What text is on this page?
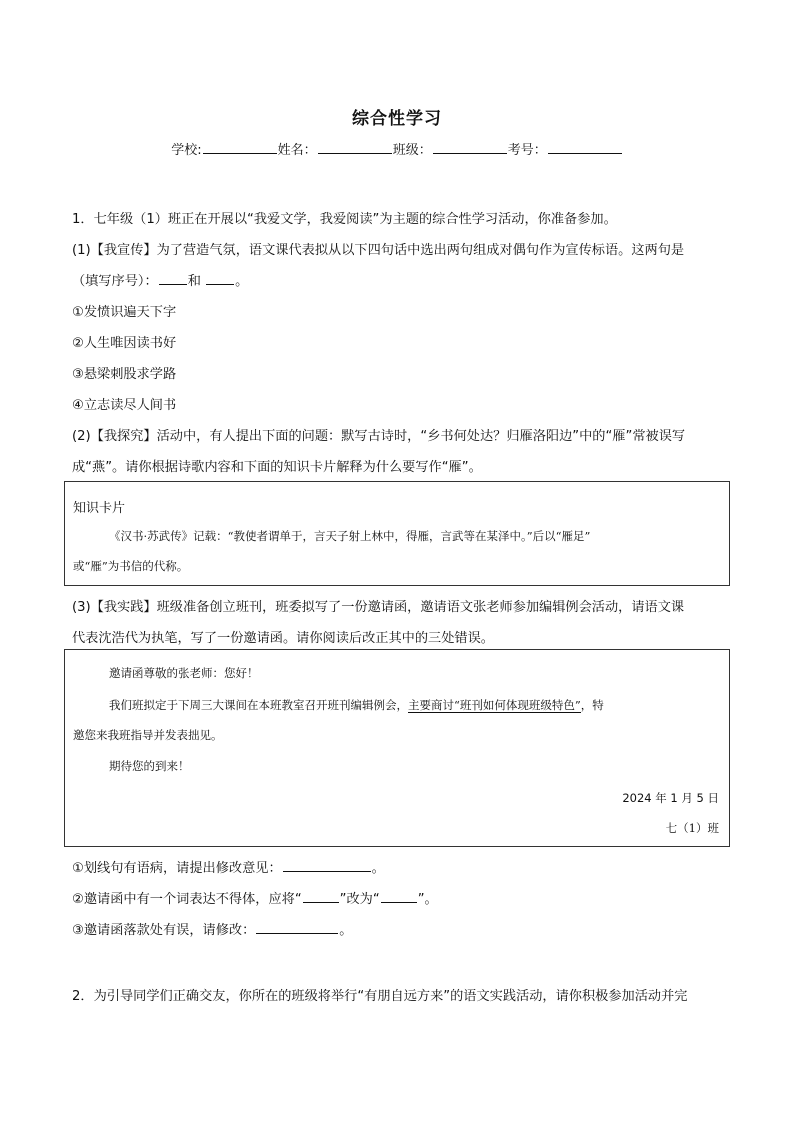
综合性学习
学校:	姓名：	班级：	考号：
1．七年级（1）班正在开展以“我爱文学，我爱阅读”为主题的综合性学习活动，你准备参加。
(1)【我宣传】为了营造气氛，语文课代表拟从以下四句话中选出两句组成对偶句作为宣传标语。这两句是
（填写序号）： 和	。
①发愤识遍天下字
②人生唯因读书好
③悬梁刺股求学路
④立志读尽人间书
(2)【我探究】活动中，有人提出下面的问题：默写古诗时，“乡书何处达？归雁洛阳边”中的“雁”常被误写
成“燕”。请你根据诗歌内容和下面的知识卡片解释为什么要写作“雁”。
知识卡片
《汉书·苏武传》记载：“教使者谓单于，言天子射上林中，得雁，言武等在某泽中。”后以“雁足”
或“雁”为书信的代称。
(3)【我实践】班级准备创立班刊，班委拟写了一份邀请函，邀请语文张老师参加编辑例会活动，请语文课
代表沈浩代为执笔，写了一份邀请函。请你阅读后改正其中的三处错误。
邀请函尊敬的张老师：您好！
我们班拟定于下周三大课间在本班教室召开班刊编辑例会，主要商讨“班刊如何体现班级特色”，特
邀您来我班指导并发表拙见。
期待您的到来！
2024 年 1 月 5 日
七（1）班
①划线句有语病，请提出修改意见：	。
②邀请函中有一个词表达不得体，应将“	”改为“	”。
③邀请函落款处有误，请修改：	。
2．为引导同学们正确交友，你所在的班级将举行“有朋自远方来”的语文实践活动，请你积极参加活动并完
